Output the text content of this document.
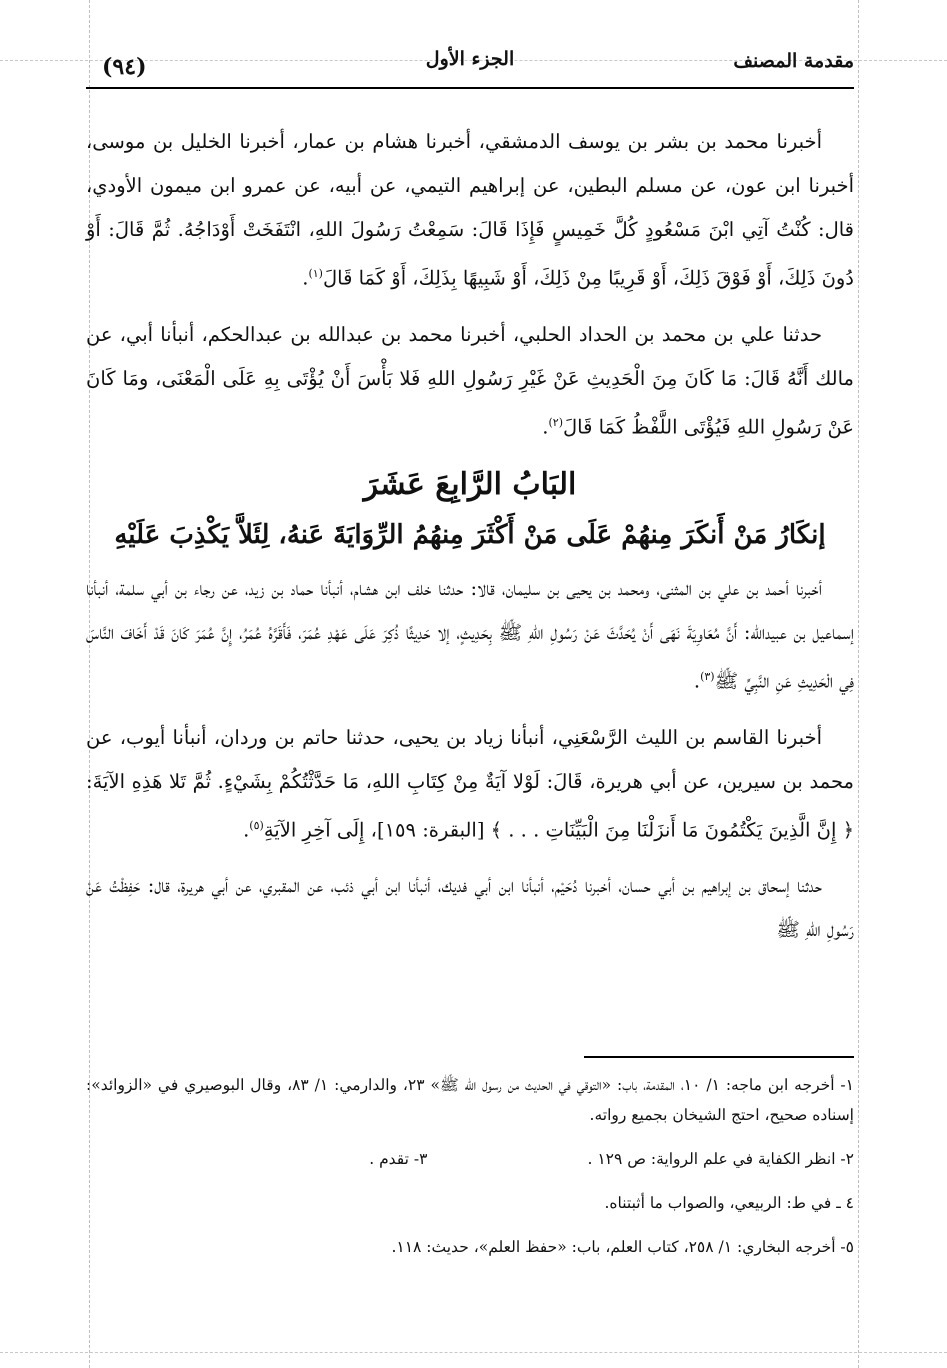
مقدمة المصنف
الجزء الأول
(٩٤)

أخبرنا محمد بن بشر بن يوسف الدمشقي، أخبرنا هشام بن عمار، أخبرنا الخليل بن موسى، أخبرنا ابن عون، عن مسلم البطين، عن إبراهيم التيمي، عن أبيه، عن عمرو ابن ميمون الأودي، قال: كُنْتُ آتِي ابْنَ مَسْعُودٍ كُلَّ خَمِيسٍ فَإِذَا قَالَ: سَمِعْتُ رَسُولَ اللهِ، انْتَفَخَتْ أَوْدَاجُهُ. ثُمَّ قَالَ: أَوْ دُونَ ذَلِكَ، أَوْ فَوْقَ ذَلِكَ، أَوْ قَرِيبًا مِنْ ذَلِكَ، أَوْ شَبِيهًا بِذَلِكَ، أَوْ كَمَا قَالَ$^{(١)}$.

حدثنا علي بن محمد بن الحداد الحلبي، أخبرنا محمد بن عبدالله بن عبدالحكم، أنبأنا أبي، عن مالك أَنَّهُ قَالَ: مَا كَانَ مِنَ الْحَدِيثِ عَنْ غَيْرِ رَسُولِ اللهِ فَلا بَأْسَ أَنْ يُؤْتَى بِهِ عَلَى الْمَعْنَى، ومَا كَانَ عَنْ رَسُولِ اللهِ فَيُؤْتَى اللَّفْظُ كَمَا قَالَ$^{(٢)}$.

البَابُ الرَّابِعَ عَشَرَ
إنكَارُ مَنْ أَنكَرَ مِنهُمْ عَلَى مَنْ أَكْثَرَ مِنهُمُ الرِّوَايَةَ عَنهُ، لِئَلاَّ يَكْذِبَ عَلَيْهِ

أخبرنا أحمد بن علي بن المثنى، ومحمد بن يحيى بن سليمان، قالا: حدثنا خلف ابن هشام، أنبأنا حماد بن زيد، عن رجاء بن أبي سلمة، أنبأنا إسماعيل بن عبيدالله: أَنَّ مُعَاوِيَةَ نَهَى أَنْ يُحَدَّثَ عَنْ رَسُولِ اللهِ ﷺ بِحَدِيثٍ، إلا حَدِيثًا ذُكِرَ عَلَى عَهْدِ عُمَرَ، فَأَقَرَّهُ عُمَرُ، إِنَّ عُمَرَ كَانَ قَدْ أَخَافَ النَّاسَ فِي الْحَدِيثِ عَنِ النَّبِيِّ ﷺ$^{(٣)}$.

أخبرنا القاسم بن الليث الرَّسْعَنِي، أنبأنا زياد بن يحيى، حدثنا حاتم بن وردان، أنبأنا أيوب، عن محمد بن سيرين، عن أبي هريرة، قَالَ: لَوْلا آيَةٌ مِنْ كِتَابِ اللهِ، مَا حَدَّثْتُكُمْ بِشَيْءٍ. ثُمَّ تَلا هَذِهِ الآيَةَ: ﴿ إِنَّ الَّذِينَ يَكْتُمُونَ مَا أَنزَلْنَا مِنَ الْبَيِّنَاتِ . . . ﴾ [البقرة: ١٥٩]، إِلَى آخِرِ الآيَةِ$^{(٥)}$.

حدثنا إسحاق بن إبراهيم بن أبي حسان، أخبرنا دُحَيْم، أنبأنا ابن أبي فديك، أنبأنا ابن أبي ذئب، عن المقبري، عن أبي هريرة، قال: حَفِظْتُ عَنْ رَسُولِ اللهِ ﷺ

١- أخرجه ابن ماجه: ١/ ١٠، المقدمة، باب: «التوقي في الحديث من رسول الله ﷺ» ٢٣، والدارمي: ١/ ٨٣، وقال البوصيري في «الزوائد»: إسناده صحيح، احتج الشيخان بجميع رواته.

٢- انظر الكفاية في علم الرواية: ص ١٢٩ .
٣- تقدم .

٤ ـ في ط: الربيعي، والصواب ما أثبتناه.

٥- أخرجه البخاري: ١/ ٢٥٨، كتاب العلم، باب: «حفظ العلم»، حديث: ١١٨.
